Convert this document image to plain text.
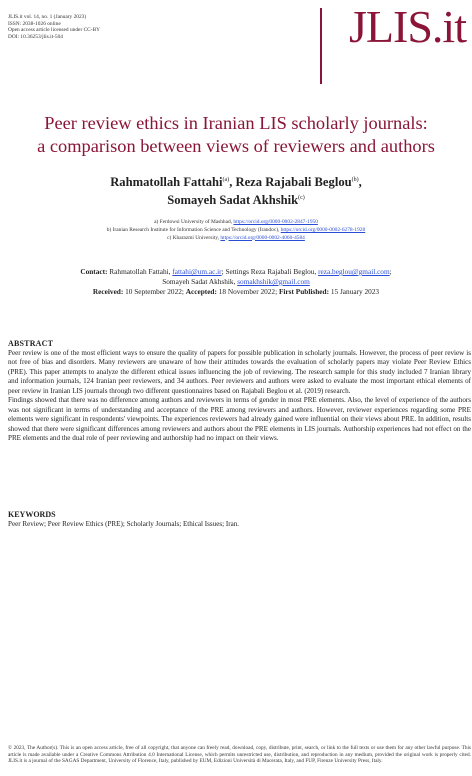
JLIS.it vol. 14, no. 1 (January 2023)
ISSN: 2038-1026 online
Open access article licensed under CC-BY
DOI: 10.36253/jlis.it-504	JLIS.it
Peer review ethics in Iranian LIS scholarly journals:
a comparison between views of reviewers and authors
Rahmatollah Fattahi$^{(a)}$, Reza Rajabali Beglou$^{(b)}$,
Somayeh Sadat Akhshik$^{(c)}$
a) Ferdowsi University of Mashhad, https://orcid.org/0000-0002-2847-1950
b) Iranian Research Institute for Information Science and Technology (Irandoc), https://orcid.org/0000-0002-6278-1928
c) Kharazmi University, https://orcid.org/0000-0002-4060-4584
Contact: Rahmatollah Fattahi, fattahi@um.ac.ir; Settings Reza Rajabali Beglou, reza.beglou@gmail.com;
Somayeh Sadat Akhshik, somakhshik@gmail.com
Received: 10 September 2022; Accepted: 18 November 2022; First Published: 15 January 2023
ABSTRACT

Peer review is one of the most efficient ways to ensure the quality of papers for possible publication in scholarly journals. However, the process of peer review is not free of bias and disorders. Many reviewers are unaware of how their attitudes towards the evaluation of scholarly papers may violate Peer Review Ethics (PRE). This paper attempts to analyze the different ethical issues influencing the job of reviewing. The research sample for this study included 7 Iranian library and information journals, 124 Iranian peer reviewers, and 34 authors. Peer reviewers and authors were asked to evaluate the most important ethical elements of peer review in Iranian LIS journals through two different questionnaires based on Rajabali Beglou et al. (2019) research.

Findings showed that there was no difference among authors and reviewers in terms of gender in most PRE elements. Also, the level of experience of the authors was not significant in terms of understanding and acceptance of the PRE among reviewers and authors. However, reviewer experiences regarding some PRE elements were significant in respondents' viewpoints. The experiences reviewers had already gained were influential on their views about PRE. In addition, results showed that there were significant differences among reviewers and authors about the PRE elements in LIS journals. Authorship experiences had not effect on the PRE elements and the dual role of peer reviewing and authorship had no impact on their views.

KEYWORDS
Peer Review; Peer Review Ethics (PRE); Scholarly Journals; Ethical Issues; Iran.
© 2023, The Author(s). This is an open access article, free of all copyright, that anyone can freely read, download, copy, distribute, print, search, or link to the full texts or use them for any other lawful purpose. This article is made available under a Creative Commons Attribution 4.0 International License, which permits unrestricted use, distribution, and reproduction in any medium, provided the original work is properly cited. JLIS.it is a journal of the SAGAS Department, University of Florence, Italy, published by EUM, Edizioni Università di Macerata, Italy, and FUP, Firenze University Press, Italy.
